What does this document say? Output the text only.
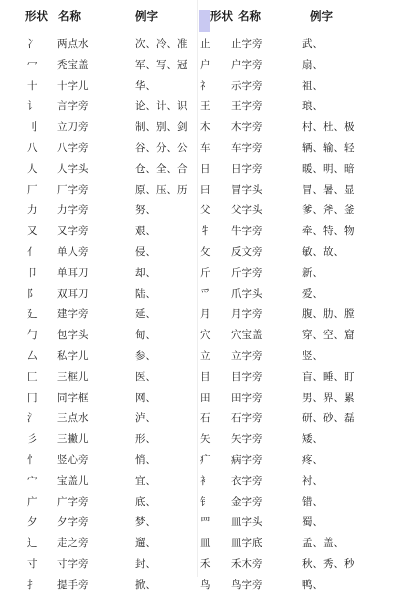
形状 名称	例字
冫 两点水	次、冷、准
冖 秃宝盖	军、写、冠
十 十字儿	华、
讠 言字旁	论、计、识
刂 立刀旁	制、别、剑
八 八字旁	谷、分、公
人 人字头	仓、全、合
厂 厂字旁	原、压、历
力 力字旁	努、
又 又字旁	艰、
亻 单人旁	侵、
卩 单耳刀	却、
阝 双耳刀	陆、
廴 建字旁	延、
勹 包字头	甸、
厶 私字儿	参、
匚 三框儿	医、
冂 同字框	网、
氵 三点水	泸、
彡 三撇儿	形、
忄 竖心旁	悄、
宀 宝盖儿	宜、
广 广字旁	底、
夕 夕字旁	梦、
辶 走之旁	遛、
寸 寸字旁	封、
扌 提手旁	掀、
形状 名称	例字
止 止字旁	武、
户 户字旁	扇、
礻 示字旁	祖、
王 王字旁	琅、
木 木字旁	村、杜、极
车 车字旁	辆、输、轻
日 日字旁	暖、明、暗
曰 冒字头	冒、暑、显
父 父字头	爹、斧、釜
牜 牛字旁	牵、特、物
攵 反文旁	敏、故、
斤 斤字旁	新、
爫 爪字头	爱、
月 月字旁	腹、肋、膛
穴 穴宝盖	穿、空、窟
立 立字旁	竖、
目 目字旁	盲、睡、盯
田 田字旁	男、界、累
石 石字旁	研、砂、磊
矢 矢字旁	矮、
疒 病字旁	疼、
衤 衣字旁	衬、
钅 金字旁	错、
罒 皿字头	蜀、
皿 皿字底	孟、盖、
禾 禾木旁	秋、秀、秒
鸟 鸟字旁	鸭、
